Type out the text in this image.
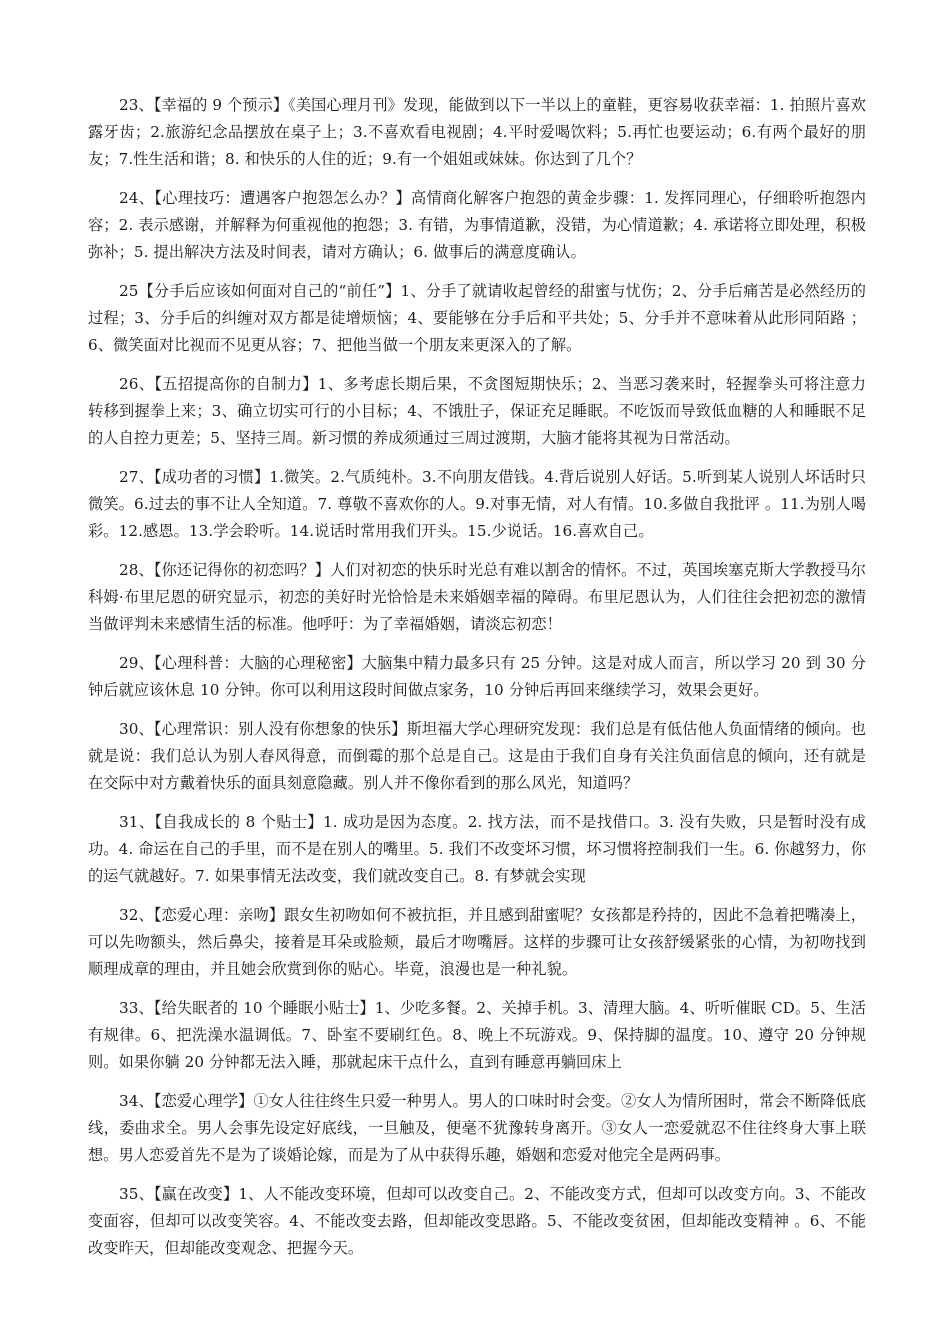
23、【幸福的 9 个预示】《美国心理月刊》发现，能做到以下一半以上的童鞋，更容易收获幸福：1. 拍照片喜欢露牙齿；2.旅游纪念品摆放在桌子上；3.不喜欢看电视剧；4.平时爱喝饮料；5.再忙也要运动；6.有两个最好的朋友；7.性生活和谐；8. 和快乐的人住的近；9.有一个姐姐或妹妹。你达到了几个？

24、【心理技巧：遭遇客户抱怨怎么办？】高情商化解客户抱怨的黄金步骤：1. 发挥同理心，仔细聆听抱怨内容；2. 表示感谢，并解释为何重视他的抱怨；3. 有错，为事情道歉，没错，为心情道歉；4. 承诺将立即处理，积极弥补；5. 提出解决方法及时间表，请对方确认；6. 做事后的满意度确认。

25【分手后应该如何面对自己的“前任”】1、分手了就请收起曾经的甜蜜与忧伤；2、分手后痛苦是必然经历的过程；3、分手后的纠缠对双方都是徒增烦恼；4、要能够在分手后和平共处；5、分手并不意味着从此形同陌路 ；6、微笑面对比视而不见更从容；7、把他当做一个朋友来更深入的了解。

26、【五招提高你的自制力】1、多考虑长期后果，不贪图短期快乐；2、当恶习袭来时，轻握拳头可将注意力转移到握拳上来；3、确立切实可行的小目标；4、不饿肚子，保证充足睡眠。不吃饭而导致低血糖的人和睡眠不足的人自控力更差；5、坚持三周。新习惯的养成须通过三周过渡期，大脑才能将其视为日常活动。

27、【成功者的习惯】1.微笑。2.气质纯朴。3.不向朋友借钱。4.背后说别人好话。5.听到某人说别人坏话时只微笑。6.过去的事不让人全知道。7. 尊敬不喜欢你的人。9.对事无情，对人有情。10.多做自我批评 。11.为别人喝彩。12.感恩。13.学会聆听。14.说话时常用我们开头。15.少说话。16.喜欢自己。

28、【你还记得你的初恋吗？】人们对初恋的快乐时光总有难以割舍的情怀。不过，英国埃塞克斯大学教授马尔科姆·布里尼恩的研究显示，初恋的美好时光恰恰是未来婚姻幸福的障碍。布里尼恩认为，人们往往会把初恋的激情当做评判未来感情生活的标准。他呼吁：为了幸福婚姻，请淡忘初恋！

29、【心理科普：大脑的心理秘密】大脑集中精力最多只有 25 分钟。这是对成人而言，所以学习 20 到 30 分钟后就应该休息 10 分钟。你可以利用这段时间做点家务，10 分钟后再回来继续学习，效果会更好。

30、【心理常识：别人没有你想象的快乐】斯坦福大学心理研究发现：我们总是有低估他人负面情绪的倾向。也就是说：我们总认为别人春风得意，而倒霉的那个总是自己。这是由于我们自身有关注负面信息的倾向，还有就是在交际中对方戴着快乐的面具刻意隐藏。别人并不像你看到的那么风光，知道吗？

31、【自我成长的 8 个贴士】1. 成功是因为态度。2. 找方法，而不是找借口。3. 没有失败，只是暂时没有成功。4. 命运在自己的手里，而不是在别人的嘴里。5. 我们不改变坏习惯，坏习惯将控制我们一生。6. 你越努力，你的运气就越好。7. 如果事情无法改变，我们就改变自己。8. 有梦就会实现

32、【恋爱心理：亲吻】跟女生初吻如何不被抗拒，并且感到甜蜜呢？女孩都是矜持的，因此不急着把嘴凑上，可以先吻额头，然后鼻尖，接着是耳朵或脸颊，最后才吻嘴唇。这样的步骤可让女孩舒缓紧张的心情，为初吻找到顺理成章的理由，并且她会欣赏到你的贴心。毕竟，浪漫也是一种礼貌。

33、【给失眠者的 10 个睡眠小贴士】1、少吃多餐。2、关掉手机。3、清理大脑。4、听听催眠 CD。5、生活有规律。6、把洗澡水温调低。7、卧室不要刷红色。8、晚上不玩游戏。9、保持脚的温度。10、遵守 20 分钟规则。如果你躺 20 分钟都无法入睡，那就起床干点什么，直到有睡意再躺回床上

34、【恋爱心理学】①女人往往终生只爱一种男人。男人的口味时时会变。②女人为情所困时，常会不断降低底线，委曲求全。男人会事先设定好底线，一旦触及，便毫不犹豫转身离开。③女人一恋爱就忍不住往终身大事上联想。男人恋爱首先不是为了谈婚论嫁，而是为了从中获得乐趣，婚姻和恋爱对他完全是两码事。

35、【赢在改变】1、人不能改变环境，但却可以改变自己。2、不能改变方式，但却可以改变方向。3、不能改变面容，但却可以改变笑容。4、不能改变去路，但却能改变思路。5、不能改变贫困，但却能改变精神 。6、不能改变昨天，但却能改变观念、把握今天。
